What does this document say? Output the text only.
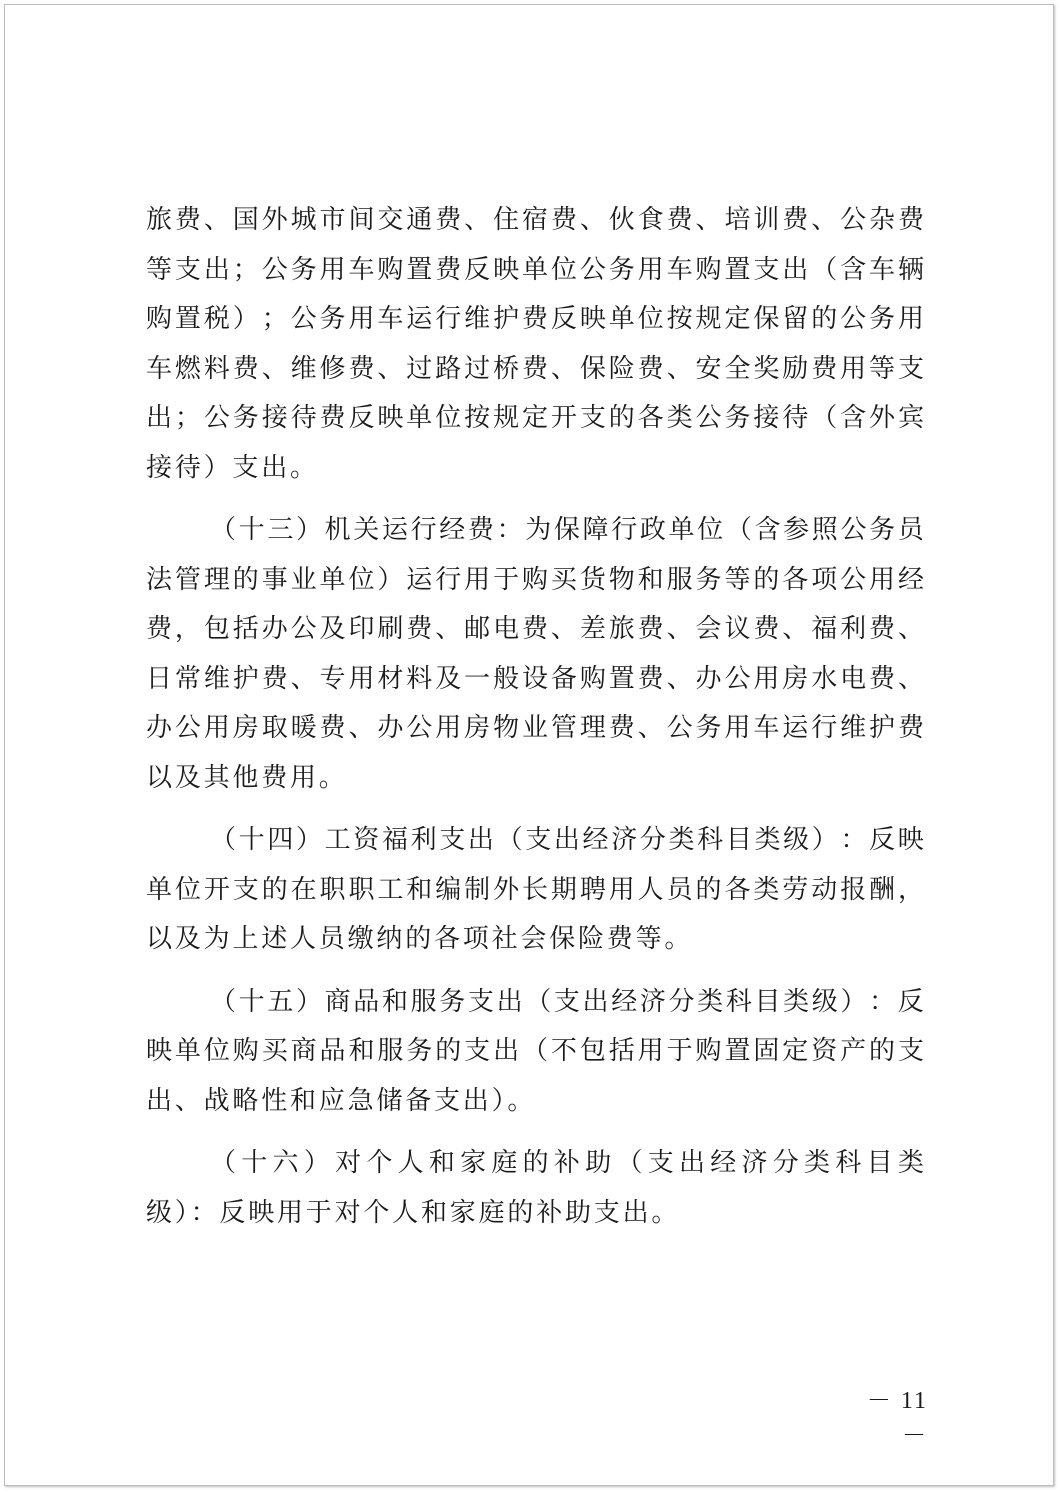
旅 费 、 国 外 城 市 间 交 通 费 、 住 宿 费 、 伙 食 费 、 培 训 费 、 公 杂 费
等 支 出 ； 公 务 用 车 购 置 费 反 映 单 位 公 务 用 车 购 置 支 出 （ 含 车 辆
购 置 税 ） ； 公 务 用 车 运 行 维 护 费 反 映 单 位 按 规 定 保 留 的 公 务 用
车 燃 料 费 、 维 修 费 、 过 路 过 桥 费 、 保 险 费 、 安 全 奖 励 费 用 等 支
出 ； 公 务 接 待 费 反 映 单 位 按 规 定 开 支 的 各 类 公 务 接 待 （ 含 外 宾
接待）支出。
（ 十 三 ） 机 关 运 行 经 费 ： 为 保 障 行 政 单 位 （ 含 参 照 公 务 员
法 管 理 的 事 业 单 位 ） 运 行 用 于 购 买 货 物 和 服 务 等 的 各 项 公 用 经
费 ， 包 括 办 公 及 印 刷 费 、 邮 电 费 、 差 旅 费 、 会 议 费 、 福 利 费 、
日 常 维 护 费 、 专 用 材 料 及 一 般 设 备 购 置 费 、 办 公 用 房 水 电 费 、
办 公 用 房 取 暖 费 、 办 公 用 房 物 业 管 理 费 、 公 务 用 车 运 行 维 护 费
以及其他费用。
（ 十 四 ） 工 资 福 利 支 出 （ 支 出 经 济 分 类 科 目 类 级 ） ： 反 映
单 位 开 支 的 在 职 职 工 和 编 制 外 长 期 聘 用 人 员 的 各 类 劳 动 报 酬 ，
以及为上述人员缴纳的各项社会保险费等。
（ 十 五 ） 商 品 和 服 务 支 出 （ 支 出 经 济 分 类 科 目 类 级 ） ： 反
映 单 位 购 买 商 品 和 服 务 的 支 出 （ 不 包 括 用 于 购 置 固 定 资 产 的 支
出、战略性和应急储备支出）。
（ 十 六 ） 对 个 人 和 家 庭 的 补 助 （ 支 出 经 济 分 类 科 目 类
级）：反映用于对个人和家庭的补助支出。
－ 11 －
